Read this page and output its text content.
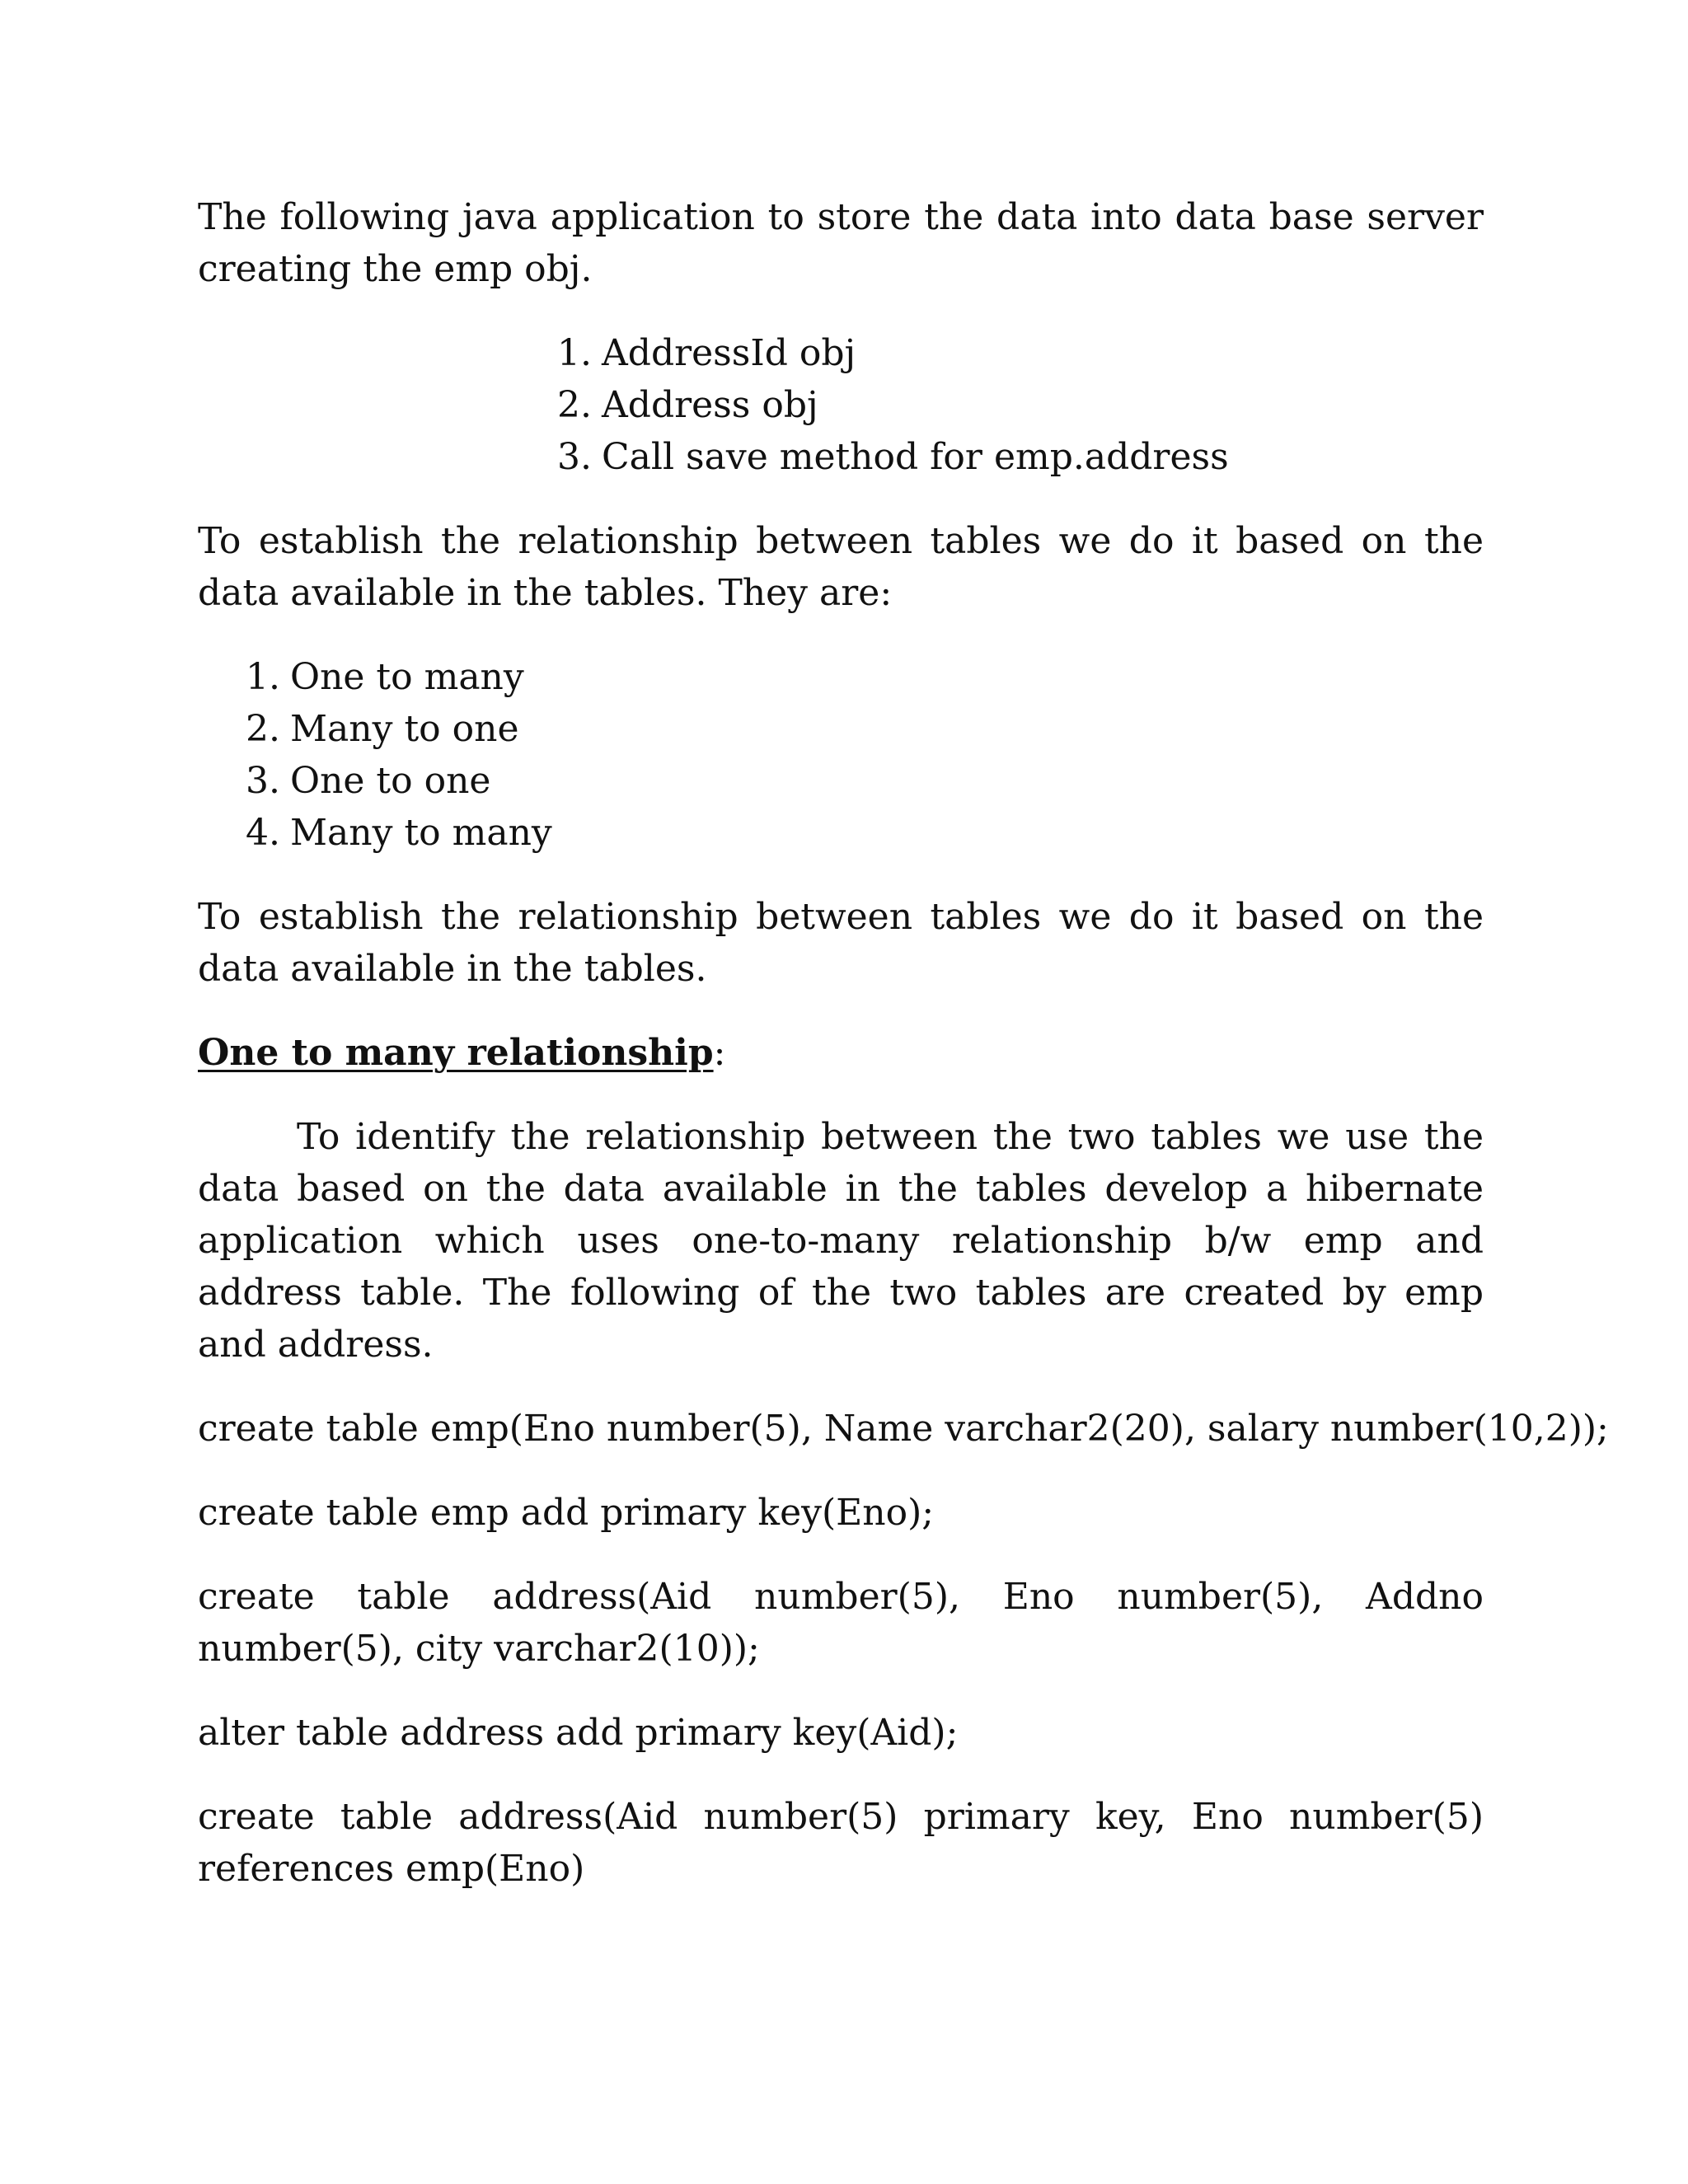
The following java application to store the data into data base server creating the emp obj.

1. AddressId obj
2. Address obj
3. Call save method for emp.address

To establish the relationship between tables we do it based on the data available in the tables. They are:

1. One to many
2. Many to one
3. One to one
4. Many to many

To establish the relationship between tables we do it based on the data available in the tables.

One to many relationship:

To identify the relationship between the two tables we use the data based on the data available in the tables develop a hibernate application which uses one-to-many relationship b/w emp and address table. The following of the two tables are created by emp and address.

create table emp(Eno number(5), Name varchar2(20), salary number(10,2));

create table emp add primary key(Eno);

create table address(Aid number(5), Eno number(5), Addno number(5), city varchar2(10));

alter table address add primary key(Aid);

create table address(Aid number(5) primary key, Eno number(5) references emp(Eno)
